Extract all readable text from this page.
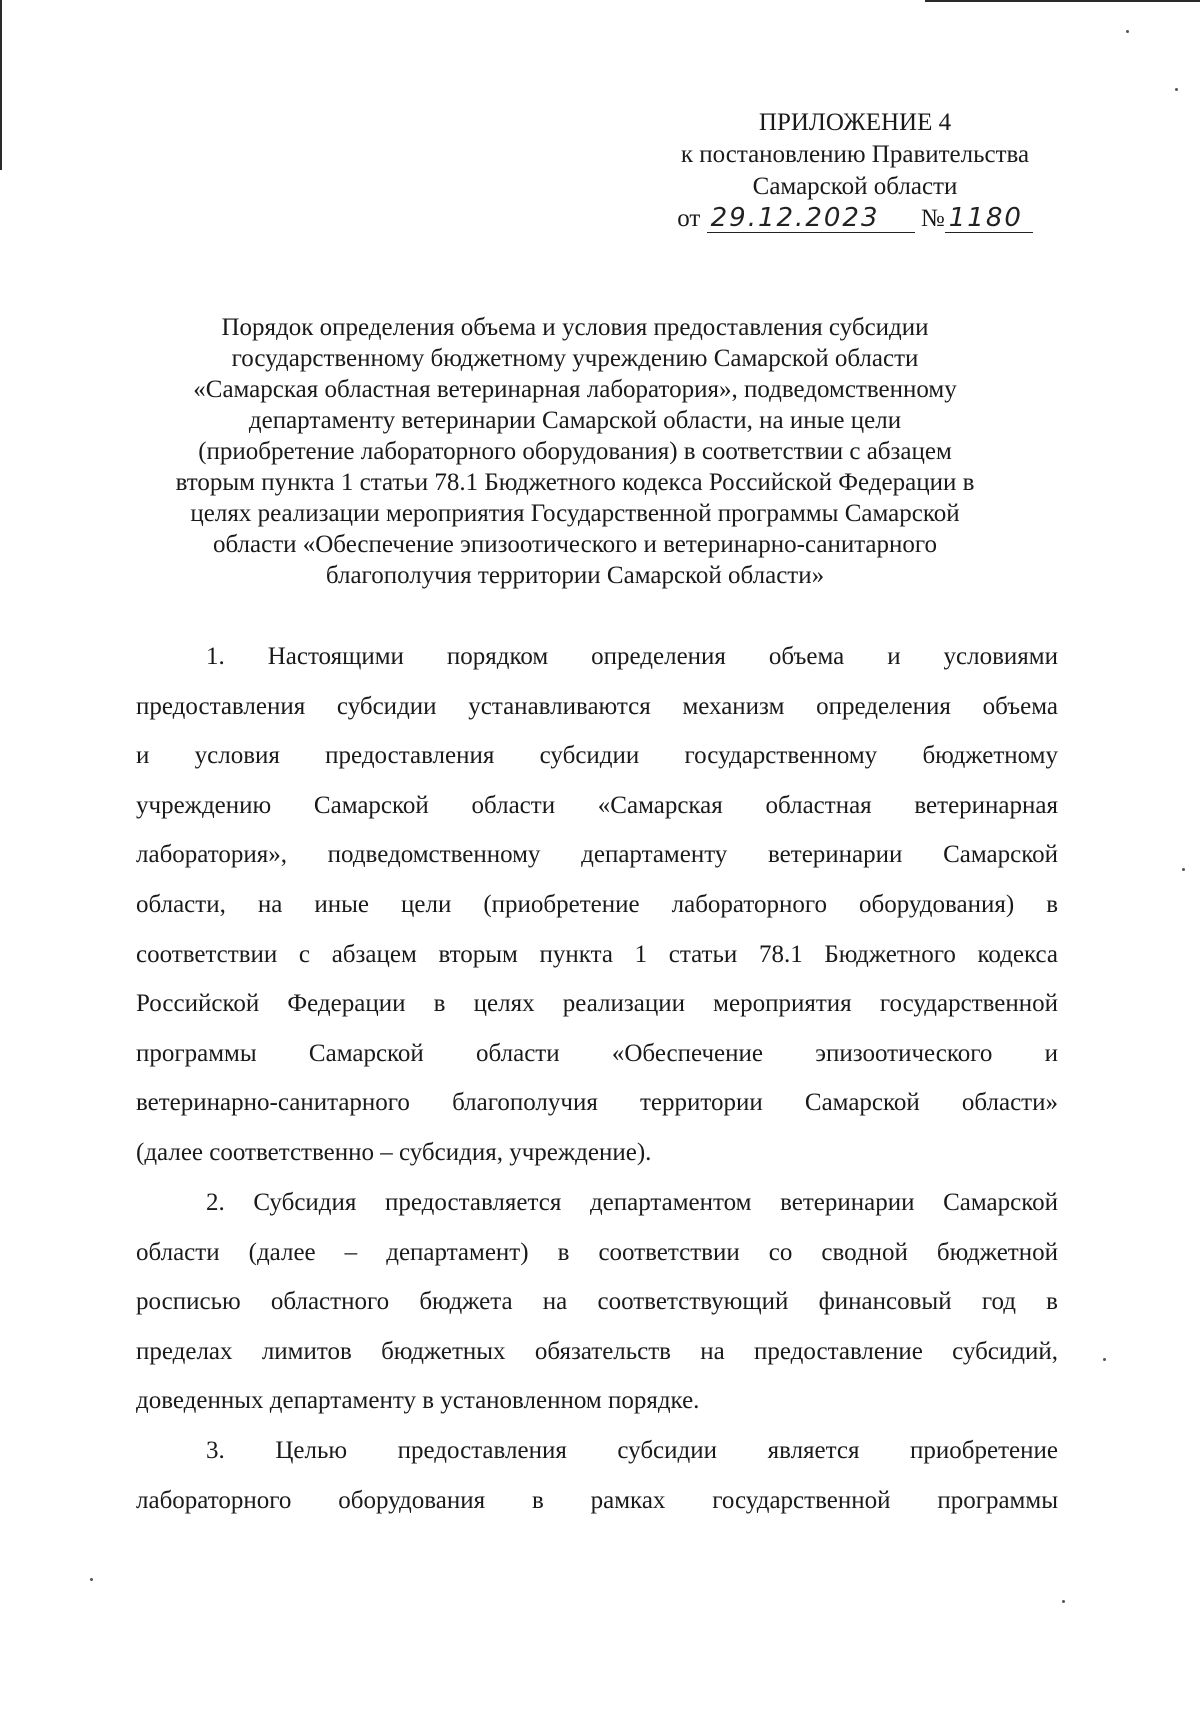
ПРИЛОЖЕНИЕ 4
к постановлению Правительства
Самарской области
от 29.12.2023 № 1180
Порядок определения объема и условия предоставления субсидии
государственному бюджетному учреждению Самарской области
«Самарская областная ветеринарная лаборатория», подведомственному
департаменту ветеринарии Самарской области, на иные цели
(приобретение лабораторного оборудования) в соответствии с абзацем
вторым пункта 1 статьи 78.1 Бюджетного кодекса Российской Федерации в
целях реализации мероприятия Государственной программы Самарской
области «Обеспечение эпизоотического и ветеринарно-санитарного
благополучия территории Самарской области»
1. Настоящими порядком определения объема и условиями
предоставления субсидии устанавливаются механизм определения объема
и условия предоставления субсидии государственному бюджетному
учреждению Самарской области «Самарская областная ветеринарная
лаборатория», подведомственному департаменту ветеринарии Самарской
области, на иные цели (приобретение лабораторного оборудования) в
соответствии с абзацем вторым пункта 1 статьи 78.1 Бюджетного кодекса
Российской Федерации в целях реализации мероприятия государственной
программы Самарской области «Обеспечение эпизоотического и
ветеринарно-санитарного благополучия территории Самарской области»
(далее соответственно – субсидия, учреждение).
2. Субсидия предоставляется департаментом ветеринарии Самарской
области (далее – департамент) в соответствии со сводной бюджетной
росписью областного бюджета на соответствующий финансовый год в
пределах лимитов бюджетных обязательств на предоставление субсидий,
доведенных департаменту в установленном порядке.
3. Целью предоставления субсидии является приобретение
лабораторного оборудования в рамках государственной программы
